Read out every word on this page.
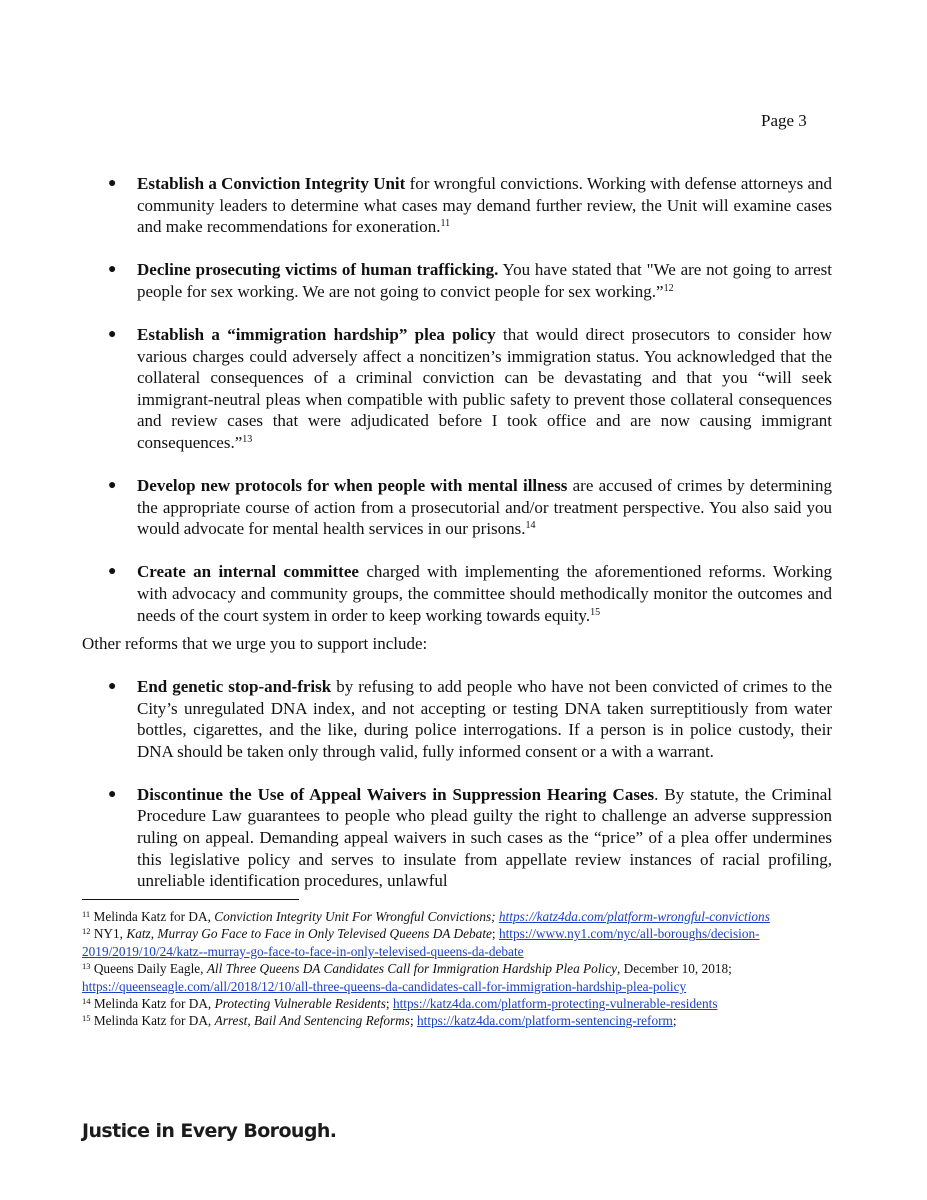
Page 3
● Establish a Conviction Integrity Unit for wrongful convictions. Working with defense attorneys and community leaders to determine what cases may demand further review, the Unit will examine cases and make recommendations for exoneration.$^{11}$
● Decline prosecuting victims of human trafficking. You have stated that "We are not going to arrest people for sex working. We are not going to convict people for sex working.”$^{12}$
● Establish a “immigration hardship” plea policy that would direct prosecutors to consider how various charges could adversely affect a noncitizen’s immigration status. You acknowledged that the collateral consequences of a criminal conviction can be devastating and that you “will seek immigrant-neutral pleas when compatible with public safety to prevent those collateral consequences and review cases that were adjudicated before I took office and are now causing immigrant consequences.”$^{13}$
● Develop new protocols for when people with mental illness are accused of crimes by determining the appropriate course of action from a prosecutorial and/or treatment perspective. You also said you would advocate for mental health services in our prisons.$^{14}$
● Create an internal committee charged with implementing the aforementioned reforms. Working with advocacy and community groups, the committee should methodically monitor the outcomes and needs of the court system in order to keep working towards equity.$^{15}$
Other reforms that we urge you to support include:
● End genetic stop-and-frisk by refusing to add people who have not been convicted of crimes to the City’s unregulated DNA index, and not accepting or testing DNA taken surreptitiously from water bottles, cigarettes, and the like, during police interrogations. If a person is in police custody, their DNA should be taken only through valid, fully informed consent or a with a warrant.
● Discontinue the Use of Appeal Waivers in Suppression Hearing Cases. By statute, the Criminal Procedure Law guarantees to people who plead guilty the right to challenge an adverse suppression ruling on appeal. Demanding appeal waivers in such cases as the “price” of a plea offer undermines this legislative policy and serves to insulate from appellate review instances of racial profiling, unreliable identification procedures, unlawful

$^{11}$ Melinda Katz for DA, Conviction Integrity Unit For Wrongful Convictions; https://katz4da.com/platform-wrongful-convictions

$^{12}$ NY1, Katz, Murray Go Face to Face in Only Televised Queens DA Debate; https://www.ny1.com/nyc/all-boroughs/decision-2019/2019/10/24/katz--murray-go-face-to-face-in-only-televised-queens-da-debate

$^{13}$ Queens Daily Eagle, All Three Queens DA Candidates Call for Immigration Hardship Plea Policy, December 10, 2018; https://queenseagle.com/all/2018/12/10/all-three-queens-da-candidates-call-for-immigration-hardship-plea-policy

$^{14}$ Melinda Katz for DA, Protecting Vulnerable Residents; https://katz4da.com/platform-protecting-vulnerable-residents

$^{15}$ Melinda Katz for DA, Arrest, Bail And Sentencing Reforms; https://katz4da.com/platform-sentencing-reform;

Justice in Every Borough.
